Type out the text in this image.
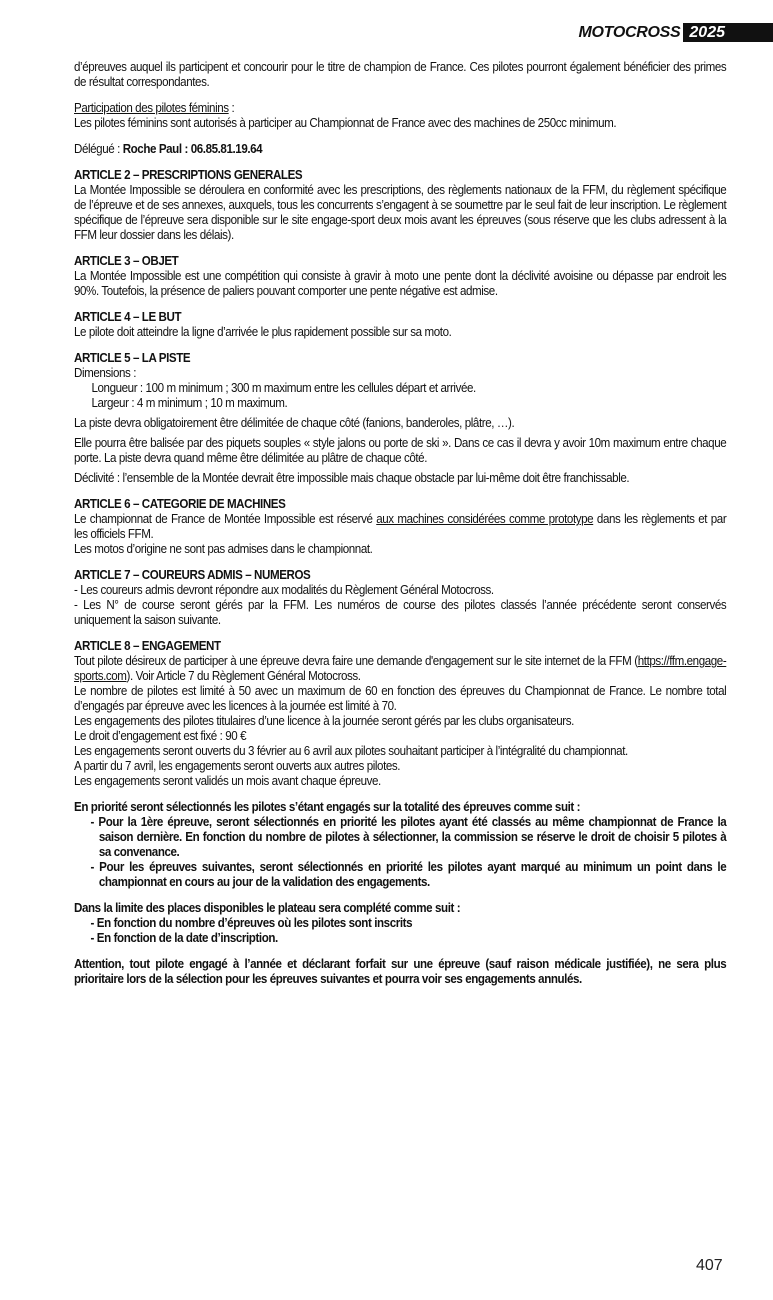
MOTOCROSS 2025

d’épreuves auquel ils participent et concourir pour le titre de champion de France. Ces pilotes pourront également bénéficier des primes de résultat correspondantes.

Participation des pilotes féminins :

Les pilotes féminins sont autorisés à participer au Championnat de France avec des machines de 250cc minimum.

Délégué : Roche Paul : 06.85.81.19.64

ARTICLE 2 – PRESCRIPTIONS GENERALES

La Montée Impossible se déroulera en conformité avec les prescriptions, des règlements nationaux de la FFM, du règlement spécifique de l’épreuve et de ses annexes, auxquels, tous les concurrents s’engagent à se soumettre par le seul fait de leur inscription. Le règlement spécifique de l’épreuve sera disponible sur le site engage-sport deux mois avant les épreuves (sous réserve que les clubs adressent à la FFM leur dossier dans les délais).

ARTICLE 3 – OBJET

La Montée Impossible est une compétition qui consiste à gravir à moto une pente dont la déclivité avoisine ou dépasse par endroit les 90%. Toutefois, la présence de paliers pouvant comporter une pente négative est admise.

ARTICLE 4 – LE BUT

Le pilote doit atteindre la ligne d’arrivée le plus rapidement possible sur sa moto.

ARTICLE 5 – LA PISTE

Dimensions :

Longueur : 100 m minimum ; 300 m maximum entre les cellules départ et arrivée.

Largeur : 4 m minimum ; 10 m maximum.

La piste devra obligatoirement être délimitée de chaque côté (fanions, banderoles, plâtre, …).

Elle pourra être balisée par des piquets souples « style jalons ou porte de ski ». Dans ce cas il devra y avoir 10m maximum entre chaque porte. La piste devra quand même être délimitée au plâtre de chaque côté.

Déclivité : l’ensemble de la Montée devrait être impossible mais chaque obstacle par lui-même doit être franchissable.

ARTICLE 6 – CATEGORIE DE MACHINES

Le championnat de France de Montée Impossible est réservé aux machines considérées comme prototype dans les règlements et par les officiels FFM.

Les motos d’origine ne sont pas admises dans le championnat.

ARTICLE 7 – COUREURS ADMIS – NUMEROS

- Les coureurs admis devront répondre aux modalités du Règlement Général Motocross.

- Les N° de course seront gérés par la FFM. Les numéros de course des pilotes classés l’année précédente seront conservés uniquement la saison suivante.

ARTICLE 8 – ENGAGEMENT

Tout pilote désireux de participer à une épreuve devra faire une demande d'engagement sur le site internet de la FFM (https://ffm.engage-sports.com). Voir Article 7 du Règlement Général Motocross.

Le nombre de pilotes est limité à 50 avec un maximum de 60 en fonction des épreuves du Championnat de France. Le nombre total d’engagés par épreuve avec les licences à la journée est limité à 70.

Les engagements des pilotes titulaires d’une licence à la journée seront gérés par les clubs organisateurs.

Le droit d’engagement est fixé : 90 €

Les engagements seront ouverts du 3 février au 6 avril aux pilotes souhaitant participer à l’intégralité du championnat.

A partir du 7 avril, les engagements seront ouverts aux autres pilotes.

Les engagements seront validés un mois avant chaque épreuve.

En priorité seront sélectionnés les pilotes s’étant engagés sur la totalité des épreuves comme suit :

- Pour la 1ère épreuve, seront sélectionnés en priorité les pilotes ayant été classés au même championnat de France la saison dernière. En fonction du nombre de pilotes à sélectionner, la commission se réserve le droit de choisir 5 pilotes à sa convenance.

- Pour les épreuves suivantes, seront sélectionnés en priorité les pilotes ayant marqué au minimum un point dans le championnat en cours au jour de la validation des engagements.

Dans la limite des places disponibles le plateau sera complété comme suit :

- En fonction du nombre d’épreuves où les pilotes sont inscrits

- En fonction de la date d’inscription.

Attention, tout pilote engagé à l’année et déclarant forfait sur une épreuve (sauf raison médicale justifiée), ne sera plus prioritaire lors de la sélection pour les épreuves suivantes et pourra voir ses engagements annulés.

407
